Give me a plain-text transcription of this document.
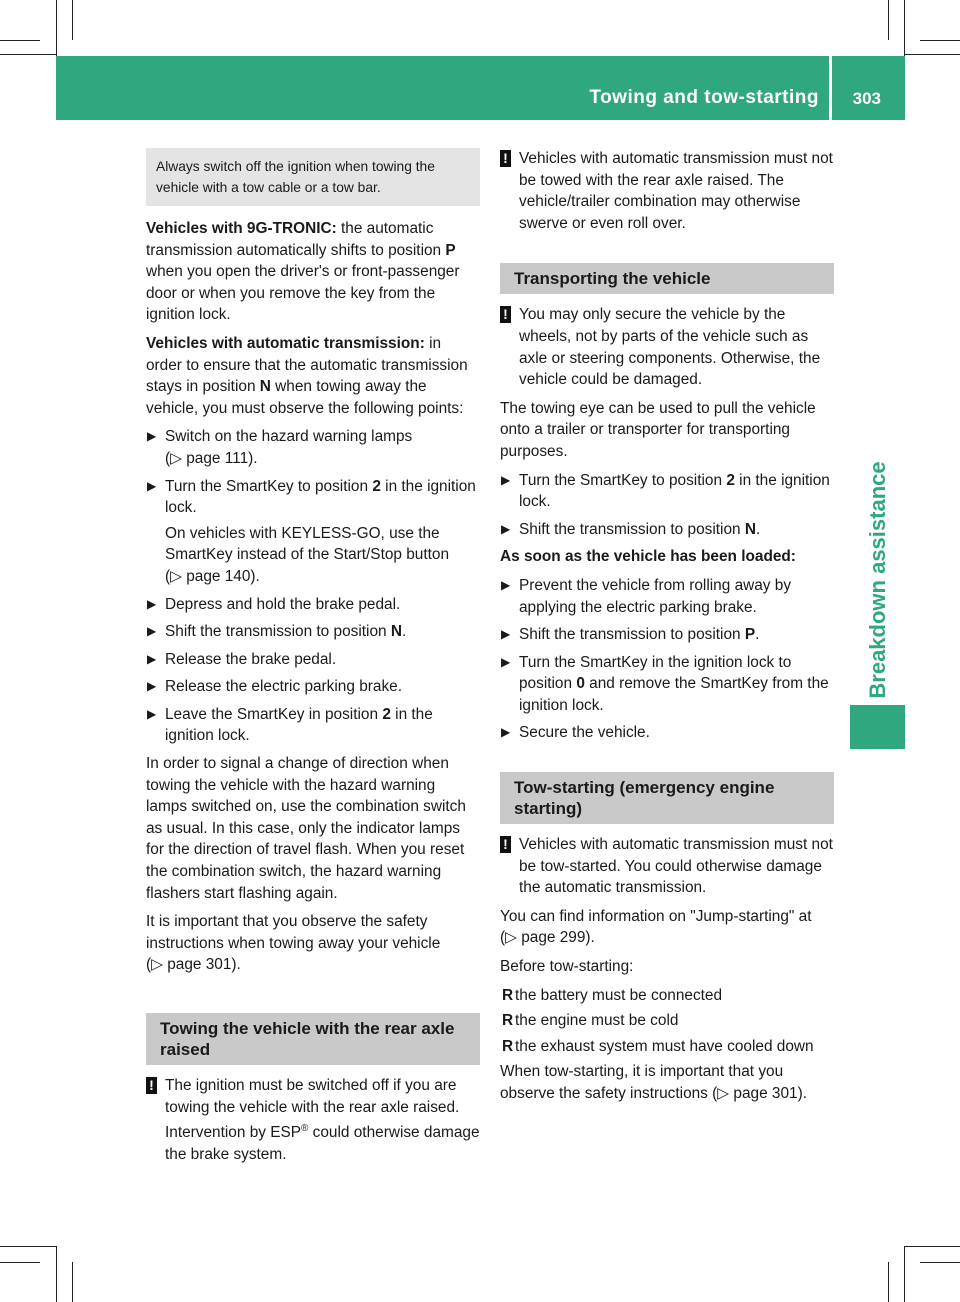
Towing and tow-starting 303
Breakdown assistance
Always switch off the ignition when towing the vehicle with a tow cable or a tow bar.

Vehicles with 9G-TRONIC: the automatic transmission automatically shifts to position P when you open the driver's or front-passenger door or when you remove the key from the ignition lock.

Vehicles with automatic transmission: in order to ensure that the automatic transmission stays in position N when towing away the vehicle, you must observe the following points:

▶ Switch on the hazard warning lamps
(▷ page 111).
▶ Turn the SmartKey to position 2 in the ignition lock.
On vehicles with KEYLESS-GO, use the SmartKey instead of the Start/Stop button
(▷ page 140).
▶ Depress and hold the brake pedal.
▶ Shift the transmission to position N.
▶ Release the brake pedal.
▶ Release the electric parking brake.
▶ Leave the SmartKey in position 2 in the ignition lock.

In order to signal a change of direction when towing the vehicle with the hazard warning lamps switched on, use the combination switch as usual. In this case, only the indicator lamps for the direction of travel flash. When you reset the combination switch, the hazard warning flashers start flashing again.

It is important that you observe the safety instructions when towing away your vehicle
(▷ page 301).

Towing the vehicle with the rear axle raised
! The ignition must be switched off if you are towing the vehicle with the rear axle raised. Intervention by ESP® could otherwise damage the brake system.
! Vehicles with automatic transmission must not be towed with the rear axle raised. The vehicle/trailer combination may otherwise swerve or even roll over.
Transporting the vehicle
! You may only secure the vehicle by the wheels, not by parts of the vehicle such as axle or steering components. Otherwise, the vehicle could be damaged.

The towing eye can be used to pull the vehicle onto a trailer or transporter for transporting purposes.

▶ Turn the SmartKey to position 2 in the ignition lock.
▶ Shift the transmission to position N.

As soon as the vehicle has been loaded:

▶ Prevent the vehicle from rolling away by applying the electric parking brake.
▶ Shift the transmission to position P.
▶ Turn the SmartKey in the ignition lock to position 0 and remove the SmartKey from the ignition lock.
▶ Secure the vehicle.
Tow-starting (emergency engine starting)
! Vehicles with automatic transmission must not be tow-started. You could otherwise damage the automatic transmission.

You can find information on "Jump-starting" at
(▷ page 299).

Before tow-starting:

R the battery must be connected
R the engine must be cold
R the exhaust system must have cooled down

When tow-starting, it is important that you observe the safety instructions (▷ page 301).
